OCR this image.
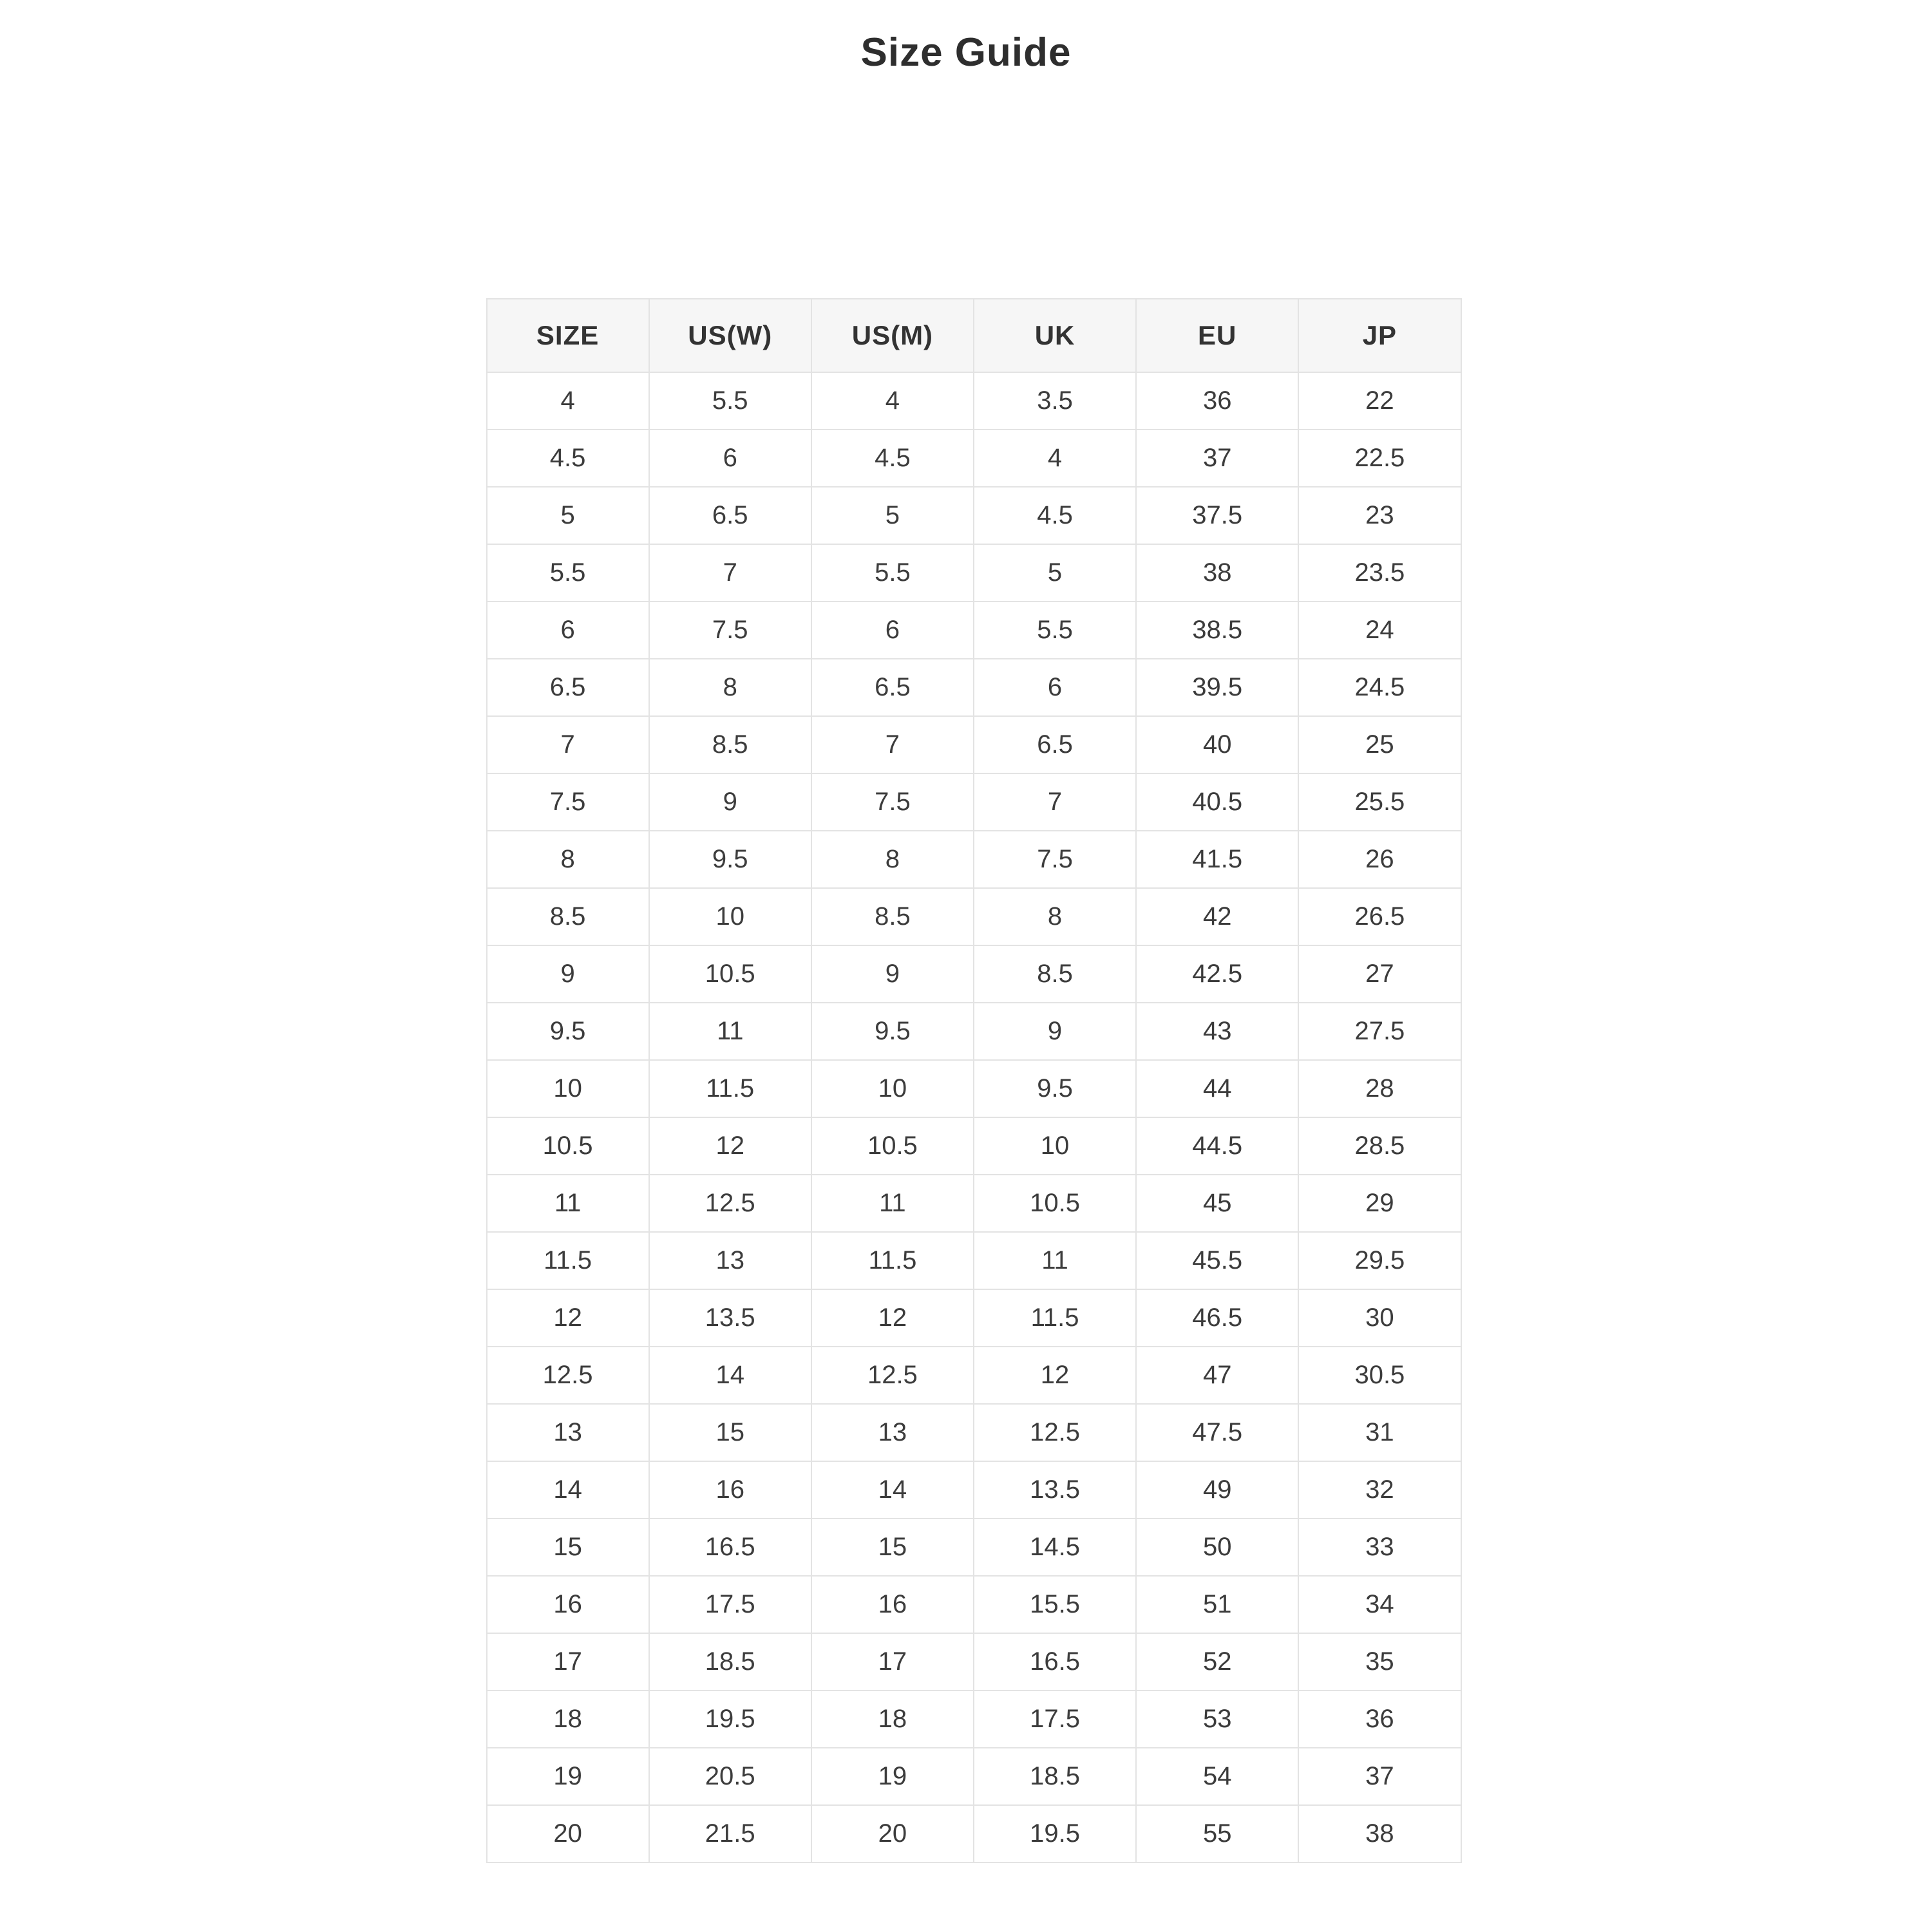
Size Guide
SIZE	US(W)	US(M)	UK	EU	JP
4	5.5	4	3.5	36	22
4.5	6	4.5	4	37	22.5
5	6.5	5	4.5	37.5	23
5.5	7	5.5	5	38	23.5
6	7.5	6	5.5	38.5	24
6.5	8	6.5	6	39.5	24.5
7	8.5	7	6.5	40	25
7.5	9	7.5	7	40.5	25.5
8	9.5	8	7.5	41.5	26
8.5	10	8.5	8	42	26.5
9	10.5	9	8.5	42.5	27
9.5	11	9.5	9	43	27.5
10	11.5	10	9.5	44	28
10.5	12	10.5	10	44.5	28.5
11	12.5	11	10.5	45	29
11.5	13	11.5	11	45.5	29.5
12	13.5	12	11.5	46.5	30
12.5	14	12.5	12	47	30.5
13	15	13	12.5	47.5	31
14	16	14	13.5	49	32
15	16.5	15	14.5	50	33
16	17.5	16	15.5	51	34
17	18.5	17	16.5	52	35
18	19.5	18	17.5	53	36
19	20.5	19	18.5	54	37
20	21.5	20	19.5	55	38
